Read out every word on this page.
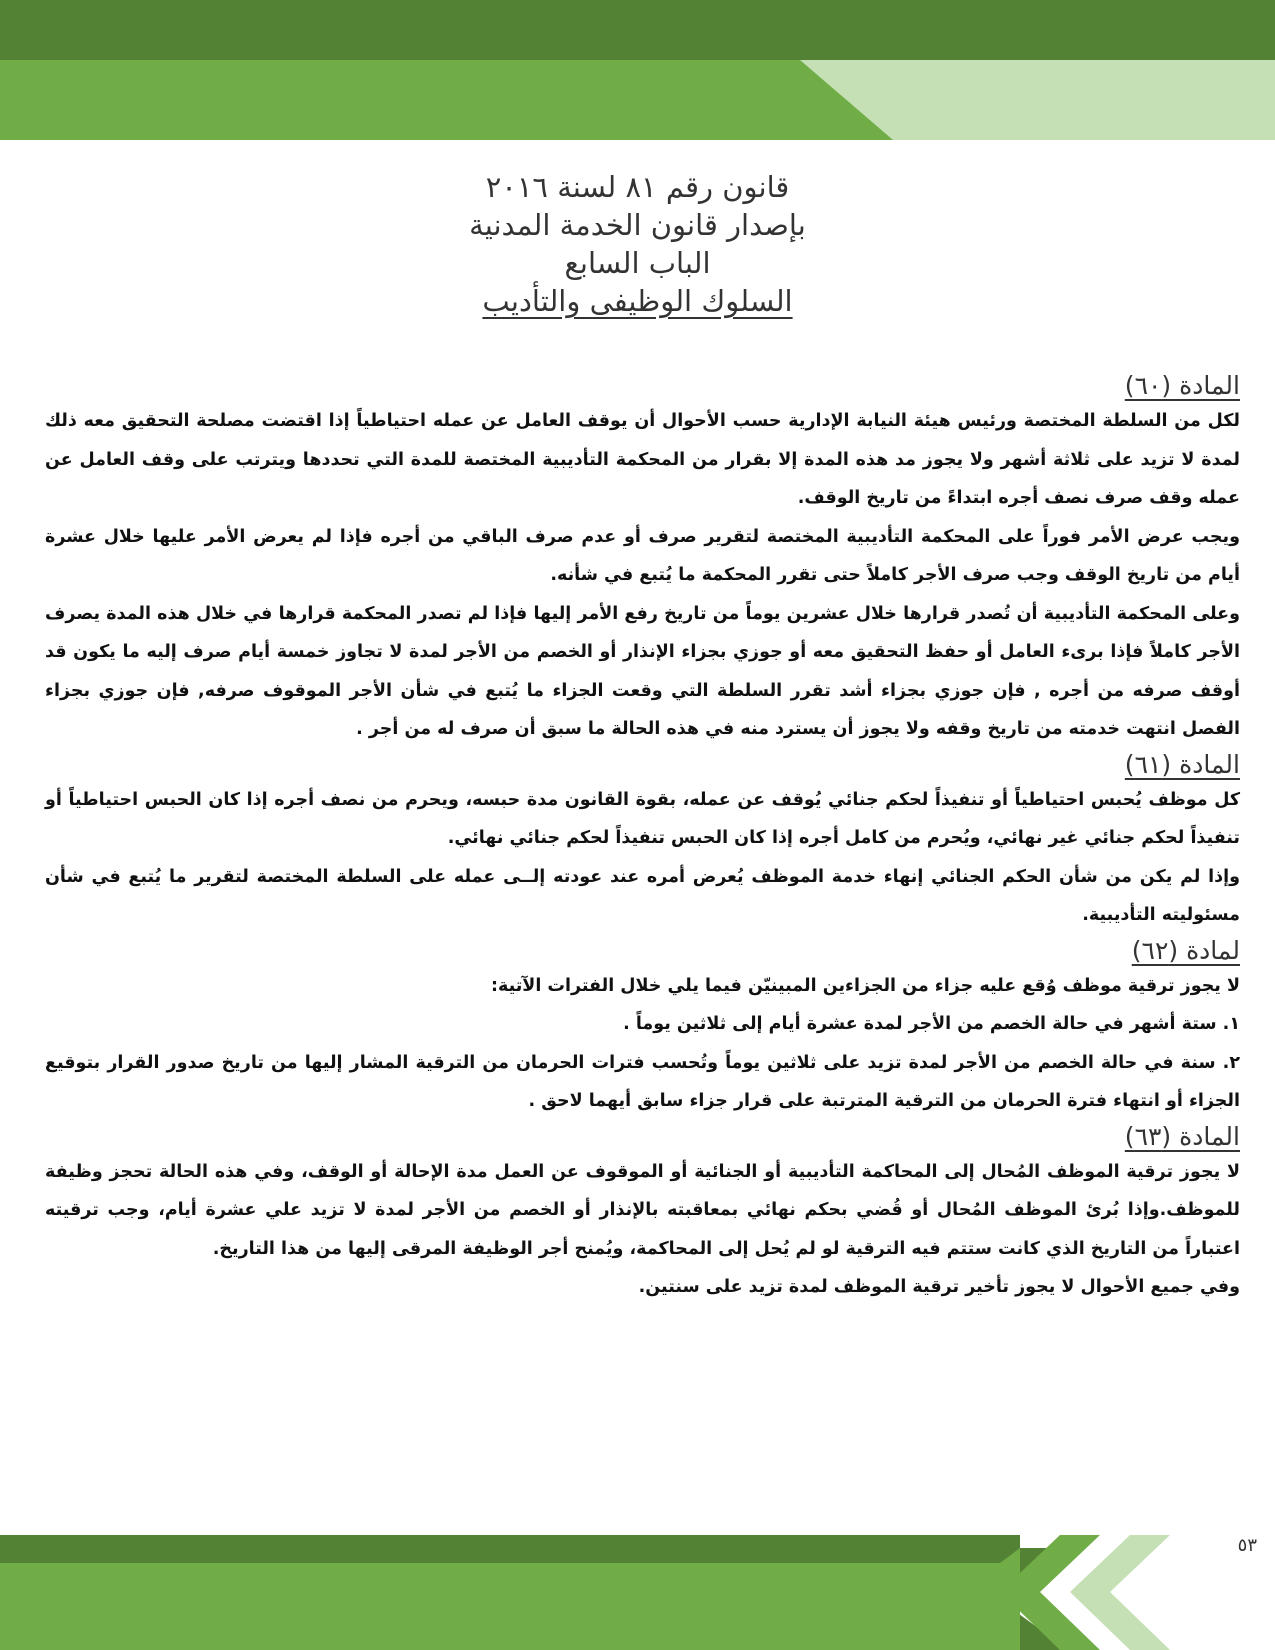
قانون رقم ٨١ لسنة ٢٠١٦
بإصدار قانون الخدمة المدنية
الباب السابع
السلوك الوظيفى والتأديب
المادة (٦٠)

لكل من السلطة المختصة ورئيس هيئة النيابة الإدارية حسب الأحوال أن يوقف العامل عن عمله احتياطياً إذا اقتضت مصلحة التحقيق معه ذلك لمدة لا تزيد على ثلاثة أشهر ولا يجوز مد هذه المدة إلا بقرار من المحكمة التأديبية المختصة للمدة التي تحددها ويترتب على وقف العامل عن عمله وقف صرف نصف أجره ابتداءً من تاريخ الوقف.

ويجب عرض الأمر فوراً على المحكمة التأديبية المختصة لتقرير صرف أو عدم صرف الباقي من أجره فإذا لم يعرض الأمر عليها خلال عشرة أيام من تاريخ الوقف وجب صرف الأجر كاملاً حتى تقرر المحكمة ما يُتبع في شأنه.

وعلى المحكمة التأديبية أن تُصدر قرارها خلال عشرين يوماً من تاريخ رفع الأمر إليها فإذا لم تصدر المحكمة قرارها في خلال هذه المدة يصرف الأجر كاملاً فإذا برىء العامل أو حفظ التحقيق معه أو جوزي بجزاء الإنذار أو الخصم من الأجر لمدة لا تجاوز خمسة أيام صرف إليه ما يكون قد أوقف صرفه من أجره , فإن جوزي بجزاء أشد تقرر السلطة التي وقعت الجزاء ما يُتبع في شأن الأجر الموقوف صرفه, فإن جوزي بجزاء الفصل انتهت خدمته من تاريخ وقفه ولا يجوز أن يسترد منه في هذه الحالة ما سبق أن صرف له من أجر .

المادة (٦١)

كل موظف يُحبس احتياطياً أو تنفيذاً لحكم جنائي يُوقف عن عمله، بقوة القانون مدة حبسه، ويحرم من نصف أجره إذا كان الحبس احتياطياً أو تنفيذاً لحكم جنائي غير نهائي، ويُحرم من كامل أجره إذا كان الحبس تنفيذاً لحكم جنائي نهائي.

وإذا لم يكن من شأن الحكم الجنائي إنهاء خدمة الموظف يُعرض أمره عند عودته إلــى عمله على السلطة المختصة لتقرير ما يُتبع في شأن مسئوليته التأديبية.

لمادة (٦٢)

لا يجوز ترقية موظف وُقع عليه جزاء من الجزاءين المبينيّن فيما يلي خلال الفترات الآتية:

١. ستة أشهر في حالة الخصم من الأجر لمدة عشرة أيام إلى ثلاثين يوماً .

٢. سنة في حالة الخصم من الأجر لمدة تزيد على ثلاثين يوماً وتُحسب فترات الحرمان من الترقية المشار إليها من تاريخ صدور القرار بتوقيع الجزاء أو انتهاء فترة الحرمان من الترقية المترتبة على قرار جزاء سابق أيهما لاحق .

المادة (٦٣)

لا يجوز ترقية الموظف المُحال إلى المحاكمة التأديبية أو الجنائية أو الموقوف عن العمل مدة الإحالة أو الوقف، وفي هذه الحالة تحجز وظيفة للموظف.وإذا بُرئ الموظف المُحال أو قُضي بحكم نهائي بمعاقبته بالإنذار أو الخصم من الأجر لمدة لا تزيد علي عشرة أيام، وجب ترقيته اعتباراً من التاريخ الذي كانت ستتم فيه الترقية لو لم يُحل إلى المحاكمة، ويُمنح أجر الوظيفة المرقى إليها من هذا التاريخ.

وفي جميع الأحوال لا يجوز تأخير ترقية الموظف لمدة تزيد على سنتين.

٥٣
